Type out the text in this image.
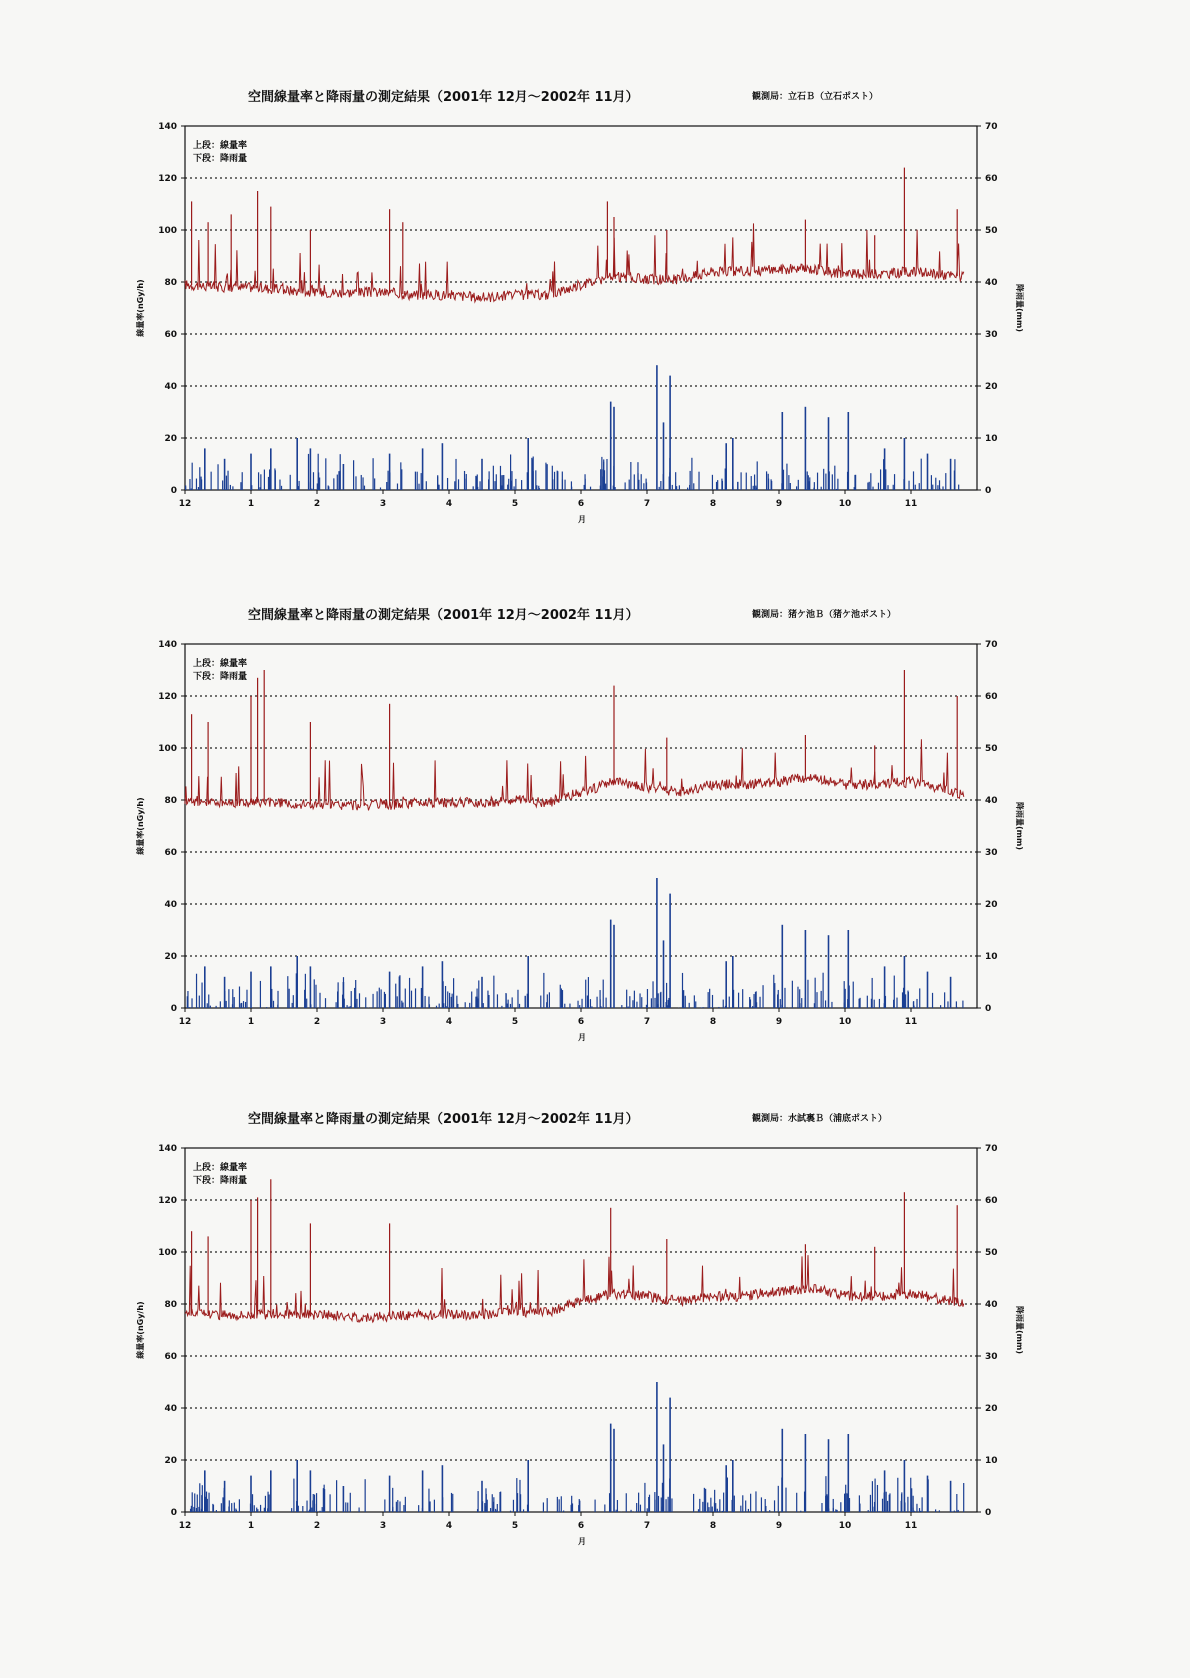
空間線量率と降雨量の測定結果（2001年 12月～2002年 11月）	観測局：立石Ｂ（立石ポスト）
0
20
40
60
80
100
120
140
0
10
20
30
40
50
60
70
12	1	2	3	4	5	6	7	8	9	10	11
月
線量率(nGy/h)	降雨量(mm)
上段：線量率
下段：降雨量
空間線量率と降雨量の測定結果（2001年 12月～2002年 11月）	観測局：猪ケ池Ｂ（猪ケ池ポスト）
0
20
40
60
80
100
120
140
0
10
20
30
40
50
60
70
12	1	2	3	4	5	6	7	8	9	10	11
月
線量率(nGy/h)	降雨量(mm)
上段：線量率
下段：降雨量
空間線量率と降雨量の測定結果（2001年 12月～2002年 11月）	観測局：水試裏Ｂ（浦底ポスト）
0
20
40
60
80
100
120
140
0
10
20
30
40
50
60
70
12	1	2	3	4	5	6	7	8	9	10	11
月
線量率(nGy/h)	降雨量(mm)
上段：線量率
下段：降雨量
